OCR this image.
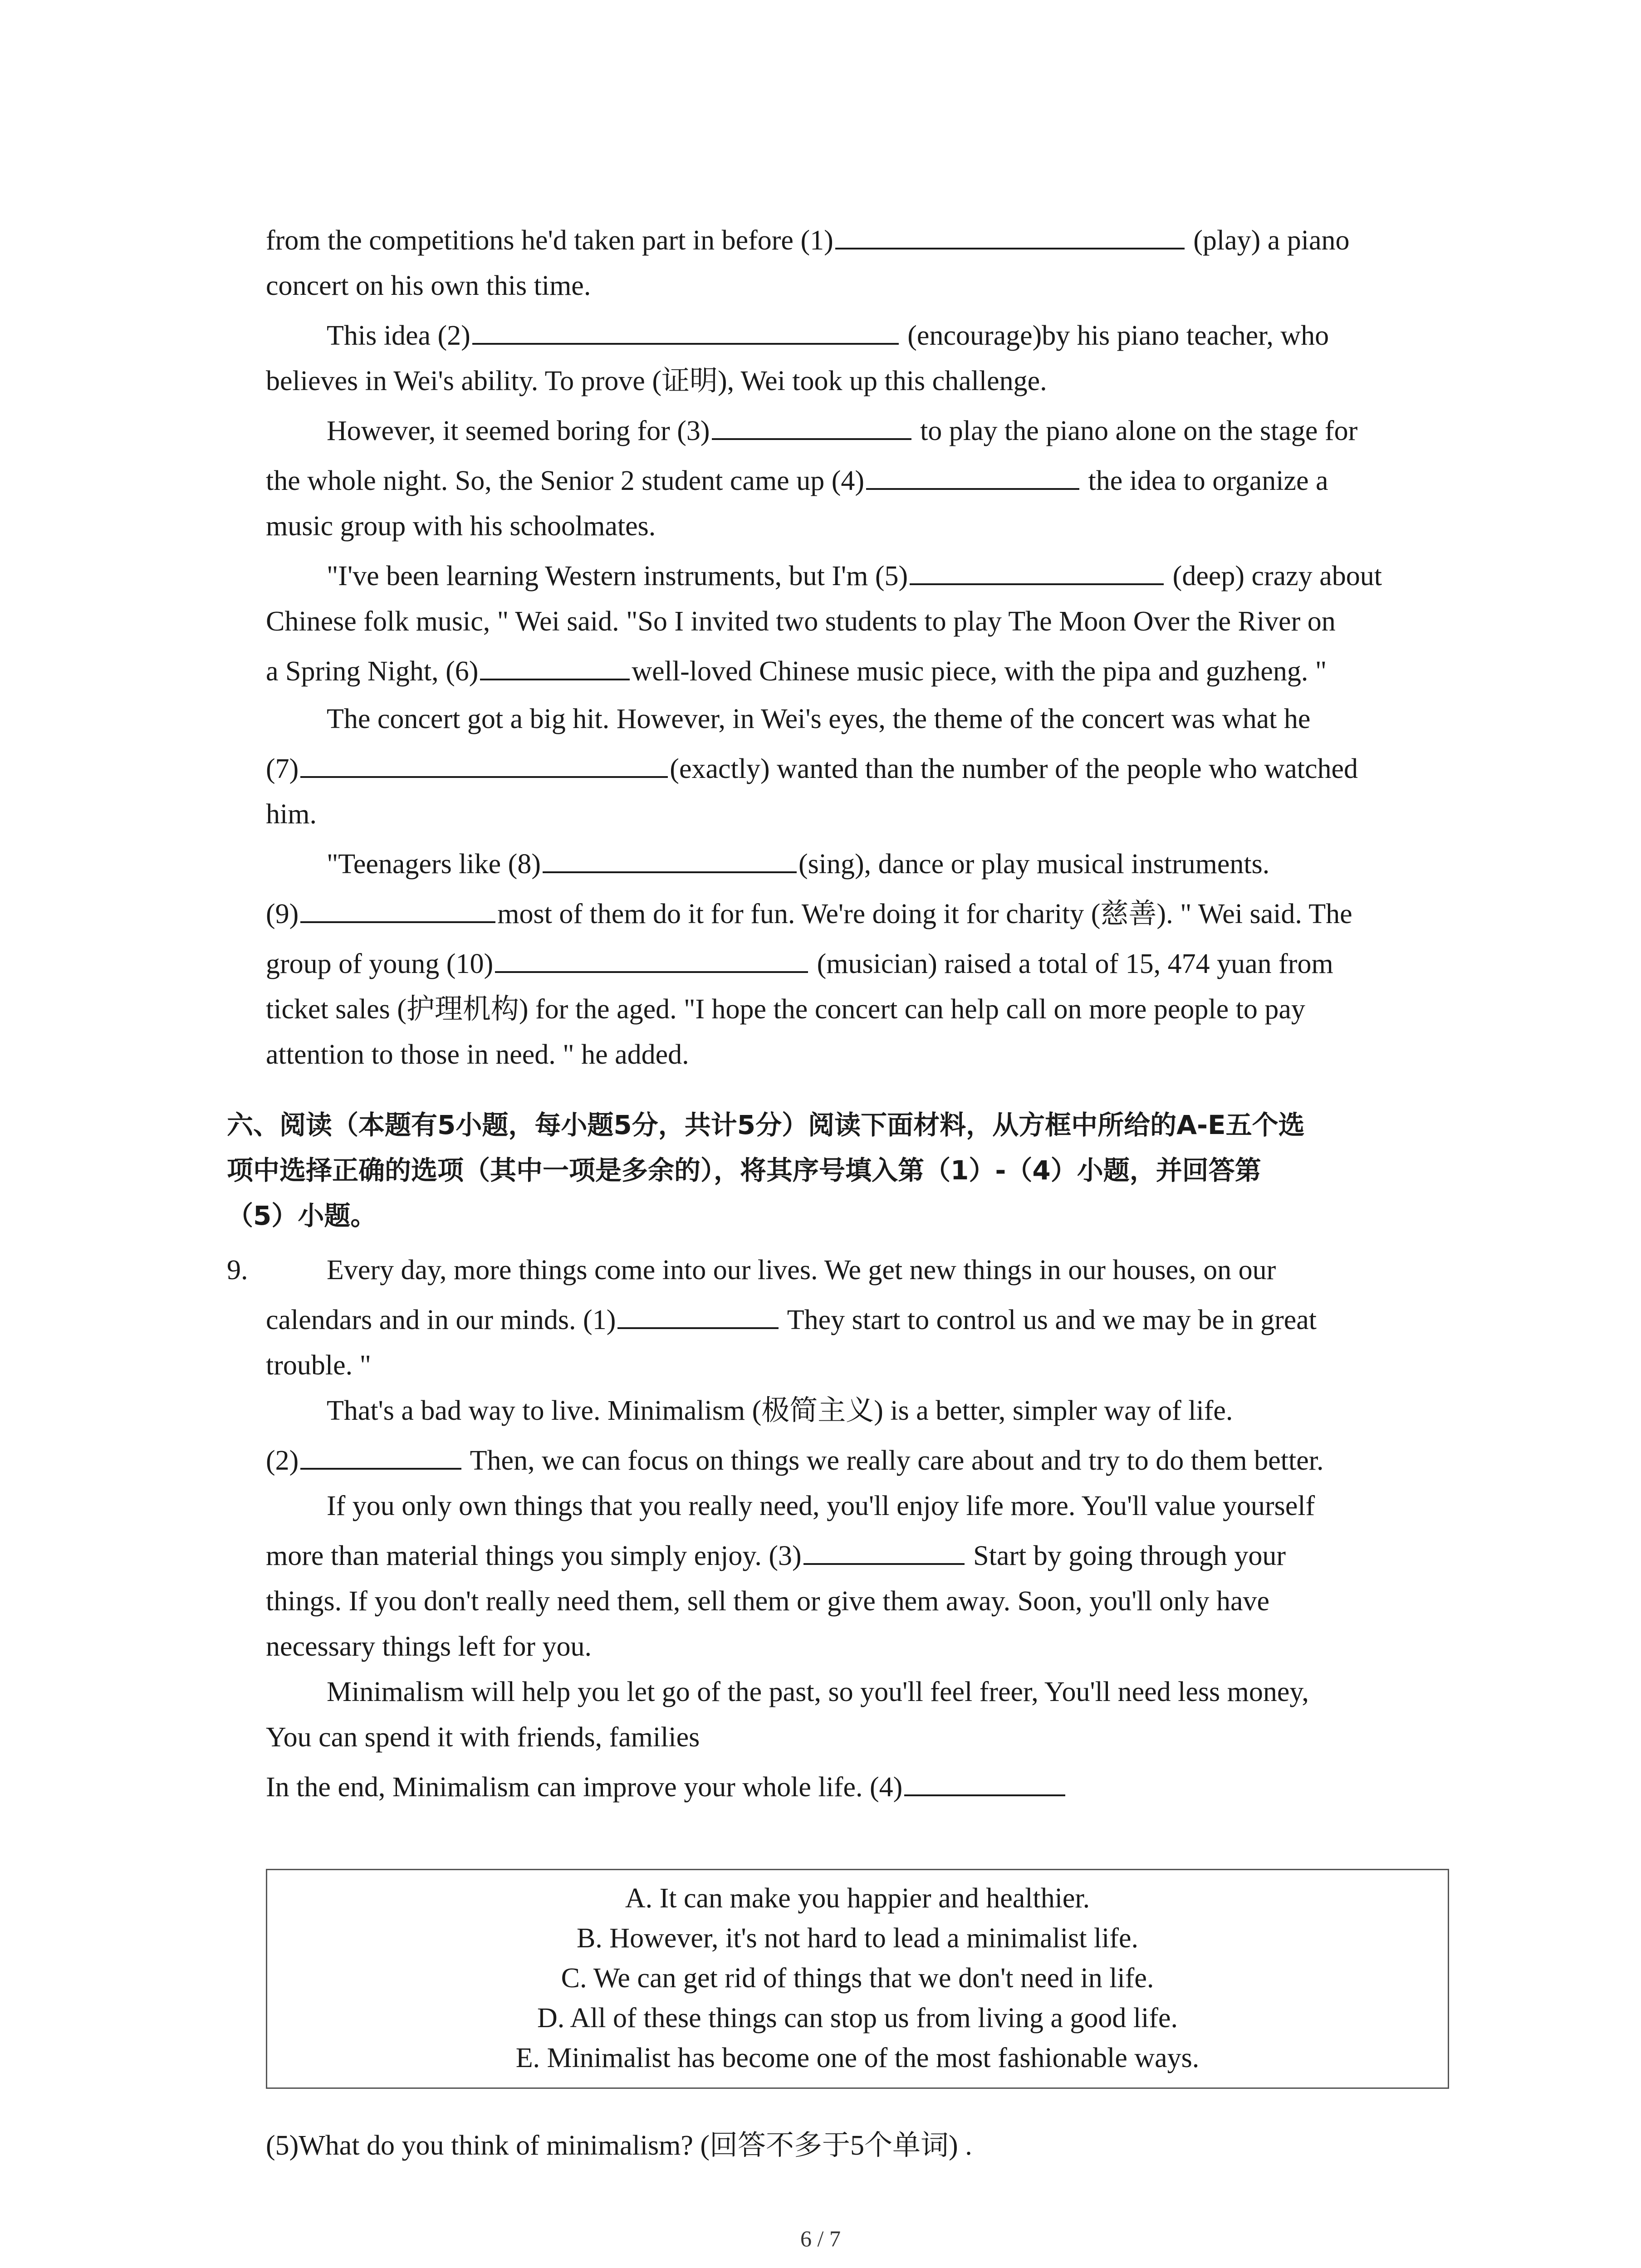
from the competitions he'd taken part in before (1)	(play) a piano
concert on his own this time.
This idea (2)	(encourage)by his piano teacher, who
believes in Wei's ability. To prove (证明), Wei took up this challenge.
However, it seemed boring for (3)	to play the piano alone on the stage for
the whole night. So, the Senior 2 student came up (4)	the idea to organize a
music group with his schoolmates.
"I've been learning Western instruments, but I'm (5)	(deep) crazy about
Chinese folk music, " Wei said. "So I invited two students to play The Moon Over the River on
a Spring Night, (6)	well-loved Chinese music piece, with the pipa and guzheng. "
The concert got a big hit. However, in Wei's eyes, the theme of the concert was what he
(7)	(exactly) wanted than the number of the people who watched
him.
"Teenagers like (8)	(sing), dance or play musical instruments.
(9)	most of them do it for fun. We're doing it for charity (慈善). " Wei said. The
group of young (10)	(musician) raised a total of 15, 474 yuan from
ticket sales (护理机构) for the aged. "I hope the concert can help call on more people to pay
attention to those in need. " he added.
六、阅读（本题有5小题，每小题5分，共计5分）阅读下面材料，从方框中所给的A-E五个选
项中选择正确的选项（其中一项是多余的），将其序号填入第（1）-（4）小题，并回答第
（5）小题。
9.	Every day, more things come into our lives. We get new things in our houses, on our
calendars and in our minds. (1)	They start to control us and we may be in great
trouble. "
That's a bad way to live. Minimalism (极简主义) is a better, simpler way of life.
(2)	Then, we can focus on things we really care about and try to do them better.
If you only own things that you really need, you'll enjoy life more. You'll value yourself
more than material things you simply enjoy. (3)	Start by going through your
things. If you don't really need them, sell them or give them away. Soon, you'll only have
necessary things left for you.
Minimalism will help you let go of the past, so you'll feel freer, You'll need less money,
You can spend it with friends, families
In the end, Minimalism can improve your whole life. (4)
A. It can make you happier and healthier.
B. However, it's not hard to lead a minimalist life.
C. We can get rid of things that we don't need in life.
D. All of these things can stop us from living a good life.
E. Minimalist has become one of the most fashionable ways.
(5)What do you think of minimalism? (回答不多于5个单词) .
6 / 7
